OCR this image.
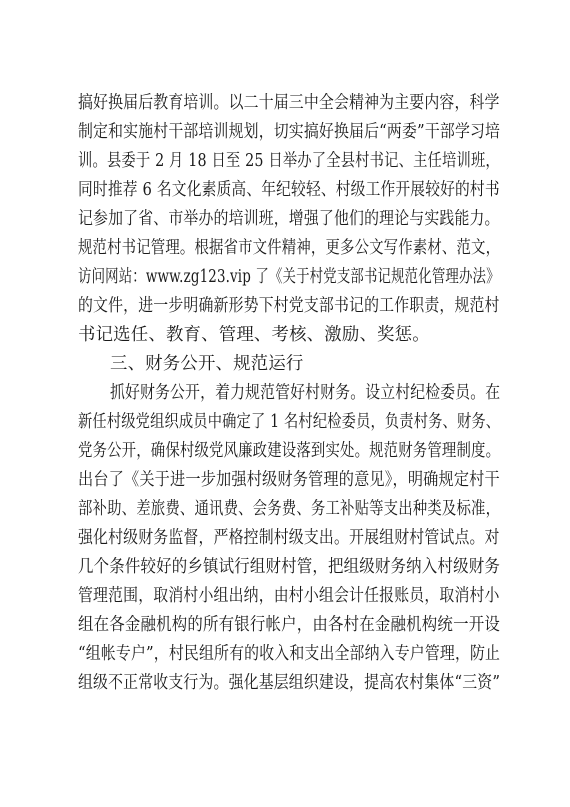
搞好换届后教育培训。以二十届三中全会精神为主要内容，科学
制定和实施村干部培训规划，切实搞好换届后“两委”干部学习培
训。县委于 2 月 18 日至 25 日举办了全县村书记、主任培训班，
同时推荐 6 名文化素质高、年纪较轻、村级工作开展较好的村书
记参加了省、市举办的培训班，增强了他们的理论与实践能力。
规范村书记管理。根据省市文件精神，更多公文写作素材、范文，
访问网站：www.zg123.vip 了《关于村党支部书记规范化管理办法》
的文件，进一步明确新形势下村党支部书记的工作职责，规范村
书记选任、教育、管理、考核、激励、奖惩。
三、财务公开、规范运行
抓好财务公开，着力规范管好村财务。设立村纪检委员。在
新任村级党组织成员中确定了 1 名村纪检委员，负责村务、财务、
党务公开，确保村级党风廉政建设落到实处。规范财务管理制度。
出台了《关于进一步加强村级财务管理的意见》，明确规定村干
部补助、差旅费、通讯费、会务费、务工补贴等支出种类及标准，
强化村级财务监督，严格控制村级支出。开展组财村管试点。对
几个条件较好的乡镇试行组财村管，把组级财务纳入村级财务
管理范围，取消村小组出纳，由村小组会计任报账员，取消村小
组在各金融机构的所有银行帐户，由各村在金融机构统一开设
“组帐专户”，村民组所有的收入和支出全部纳入专户管理，防止
组级不正常收支行为。强化基层组织建设，提高农村集体“三资”
